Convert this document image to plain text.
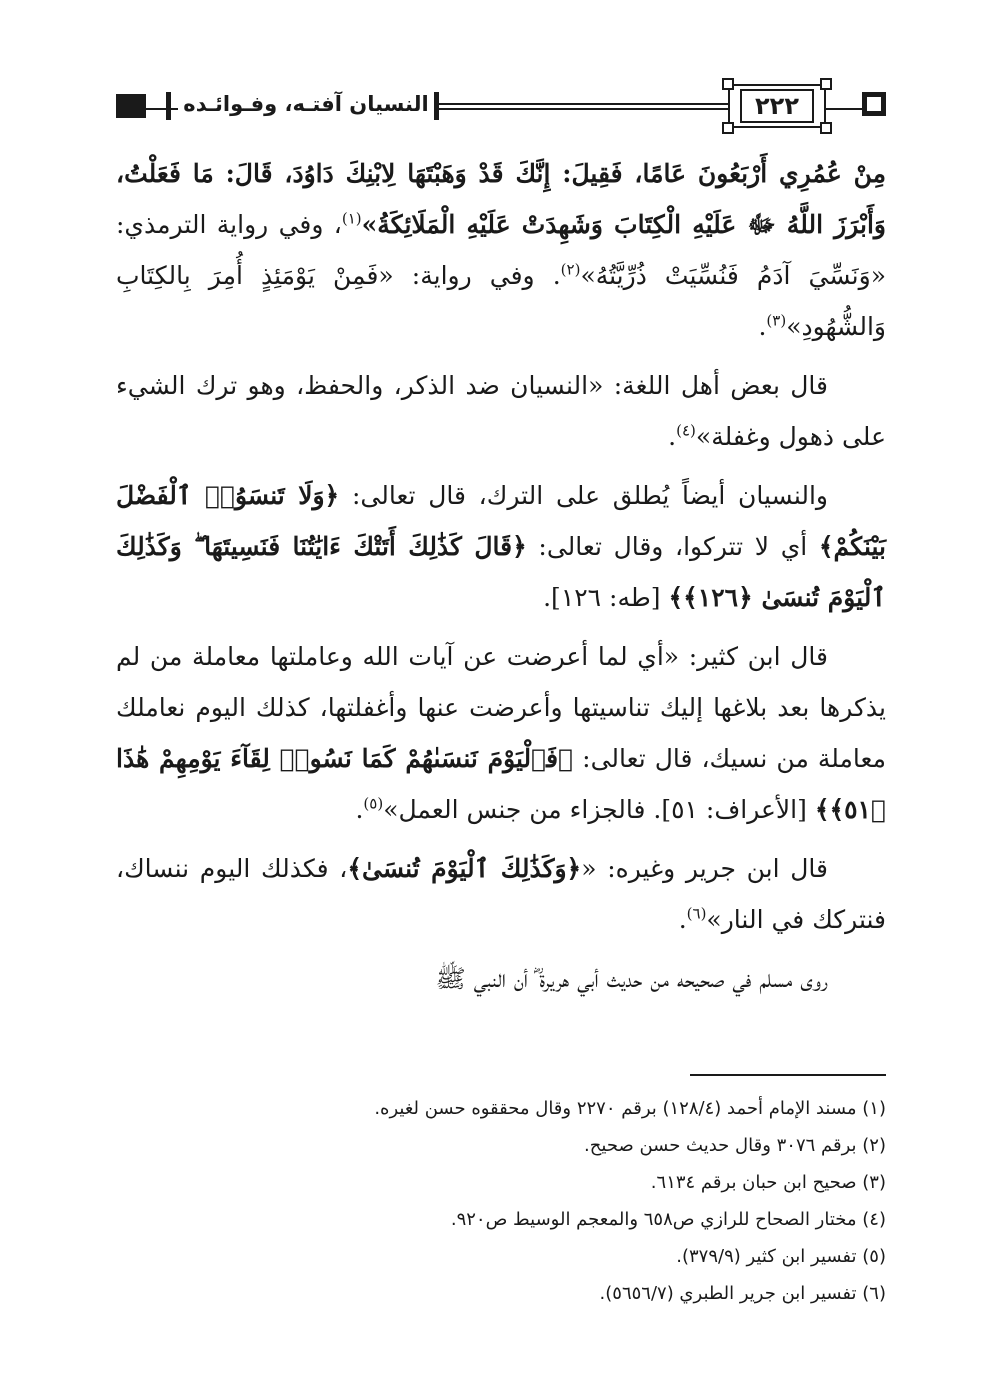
النسيان آفتـه، وفـوائـده	٢٢٢

مِنْ عُمُرِي أَرْبَعُونَ عَامًا، فَقِيلَ: إِنَّكَ قَدْ وَهَبْتَهَا لِابْنِكَ دَاوُدَ، قَالَ: مَا فَعَلْتُ، وَأَبْرَزَ اللَّهُ ﷻ عَلَيْهِ الْكِتَابَ وَشَهِدَتْ عَلَيْهِ الْمَلَائِكَةُ»$^{(١)}$، وفي رواية الترمذي: «وَنَسِّيَ آدَمُ فَنُسِّيَتْ ذُرِّيَّتُهُ»$^{(٢)}$. وفي رواية: «فَمِنْ يَوْمَئِذٍ أُمِرَ بِالكِتَابِ وَالشُّهُودِ»$^{(٣)}$.

قال بعض أهل اللغة: «النسيان ضد الذكر، والحفظ، وهو ترك الشيء على ذهول وغفلة»$^{(٤)}$.

والنسيان أيضاً يُطلق على الترك، قال تعالى: ﴿وَلَا تَنسَوُا۟ ٱلْفَضْلَ بَيْنَكُمْ﴾ أي لا تتركوا، وقال تعالى: ﴿قَالَ كَذَٰلِكَ أَتَتْكَ ءَايَٰتُنَا فَنَسِيتَهَا ۖ وَكَذَٰلِكَ ٱلْيَوْمَ تُنسَىٰ ﴿١٢٦﴾﴾ [طه: ١٢٦].

قال ابن كثير: «أي لما أعرضت عن آيات الله وعاملتها معاملة من لم يذكرها بعد بلاغها إليك تناسيتها وأعرضت عنها وأغفلتها، كذلك اليوم نعاملك معاملة من نسيك، قال تعالى: ﴿فَٱلْيَوْمَ نَنسَىٰهُمْ كَمَا نَسُوا۟ لِقَآءَ يَوْمِهِمْ هَٰذَا ﴿٥١﴾﴾ [الأعراف: ٥١]. فالجزاء من جنس العمل»$^{(٥)}$.

قال ابن جرير وغيره: «﴿وَكَذَٰلِكَ ٱلْيَوْمَ تُنسَىٰ﴾، فكذلك اليوم ننساك، فنتركك في النار»$^{(٦)}$.

روى مسلم في صحيحه من حديث أبي هريرة ؓ أن النبي ﷺ

(١) مسند الإمام أحمد (١٢٨/٤) برقم ٢٢٧٠ وقال محققوه حسن لغيره.
(٢) برقم ٣٠٧٦ وقال حديث حسن صحيح.
(٣) صحيح ابن حبان برقم ٦١٣٤.
(٤) مختار الصحاح للرازي ص٦٥٨ والمعجم الوسيط ص٩٢٠.
(٥) تفسير ابن كثير (٣٧٩/٩).
(٦) تفسير ابن جرير الطبري (٥٦٥٦/٧).
